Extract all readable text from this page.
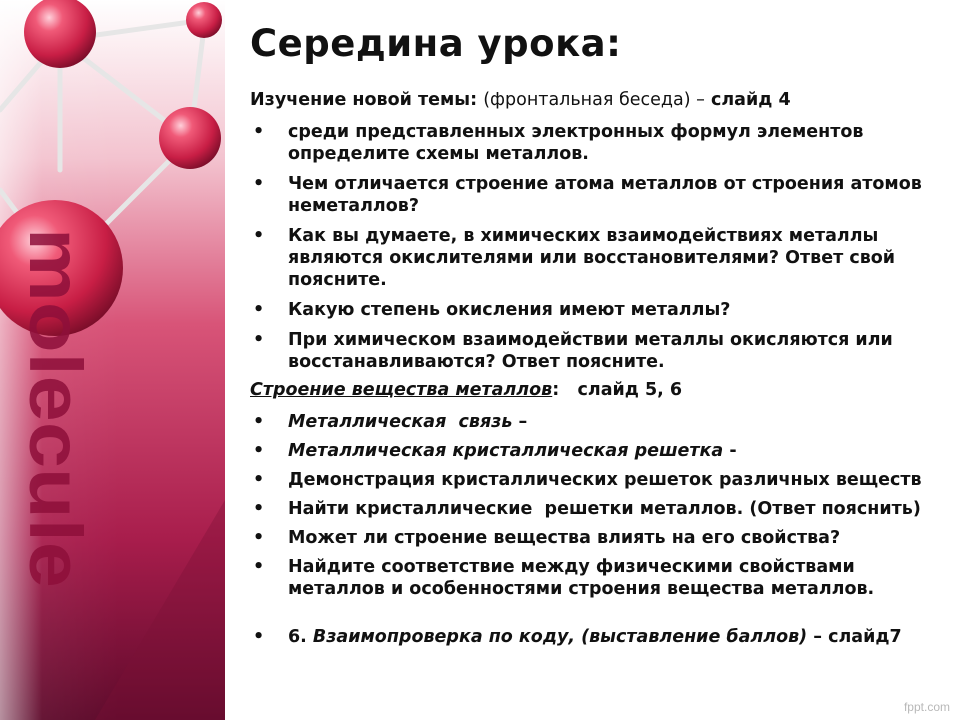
molecule
Середина урока:

Изучение новой темы: (фронтальная беседа) – слайд 4

• среди представленных электронных формул элементов определите схемы металлов.
• Чем отличается строение атома металлов от строения атомов неметаллов?
• Как вы думаете, в химических взаимодействиях металлы являются окислителями или восстановителями? Ответ свой поясните.
• Какую степень окисления имеют металлы?
• При химическом взаимодействии металлы окисляются или восстанавливаются? Ответ поясните.

Строение вещества металлов:   слайд 5, 6

• Металлическая  связь –
• Металлическая кристаллическая решетка -
• Демонстрация кристаллических решеток различных веществ
• Найти кристаллические  решетки металлов. (Ответ пояснить)
• Может ли строение вещества влиять на его свойства?
• Найдите соответствие между физическими свойствами металлов и особенностями строения вещества металлов.
• 6. Взаимопроверка по коду, (выставление баллов) – слайд7
fppt.com
